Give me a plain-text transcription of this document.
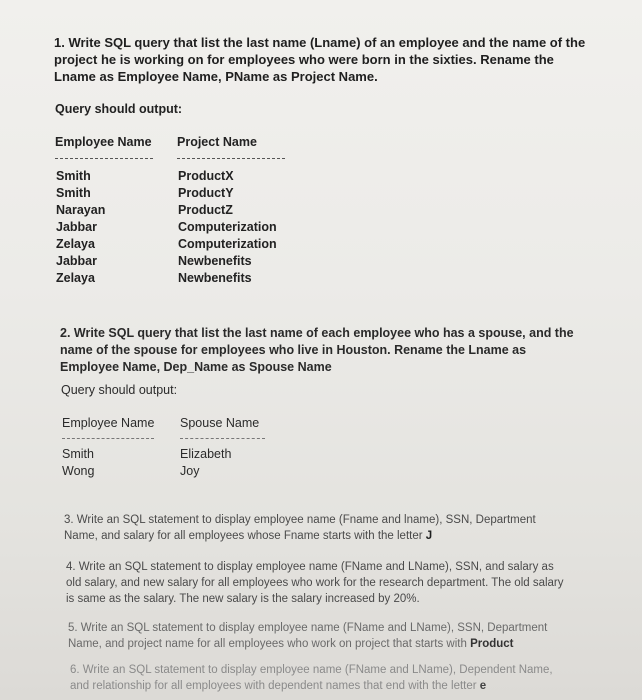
1. Write SQL query that list the last name (Lname) of an employee and the name of the project he is working on for employees who were born in the sixties. Rename the Lname as Employee Name, PName as Project Name.

Query should output:
Employee Name Project Name
Smith
Smith
Narayan
Jabbar
Zelaya
Jabbar
Zelaya
ProductX
ProductY
ProductZ
Computerization
Computerization
Newbenefits
Newbenefits

2. Write SQL query that list the last name of each employee who has a spouse, and the name of the spouse for employees who live in Houston. Rename the Lname as Employee Name, Dep_Name as Spouse Name

Query should output:
Employee Name Spouse Name
Smith
Wong
Elizabeth
Joy

3. Write an SQL statement to display employee name (Fname and lname), SSN, Department Name, and salary for all employees whose Fname starts with the letter J

4. Write an SQL statement to display employee name (FName and LName), SSN, and salary as old salary, and new salary for all employees who work for the research department. The old salary is same as the salary. The new salary is the salary increased by 20%.

5. Write an SQL statement to display employee name (FName and LName), SSN, Department Name, and project name for all employees who work on project that starts with Product

6. Write an SQL statement to display employee name (FName and LName), Dependent Name, and relationship for all employees with dependent names that end with the letter e
